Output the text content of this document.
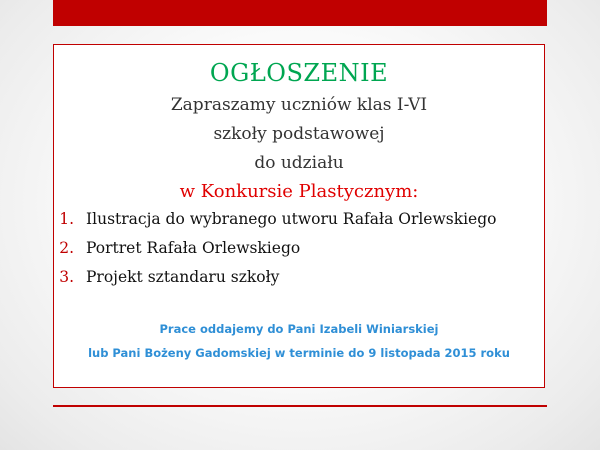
OGŁOSZENIE
Zapraszamy uczniów klas I-VI
szkoły podstawowej
do udziału
w Konkursie Plastycznym:
1. Ilustracja do wybranego utworu Rafała Orlewskiego
2. Portret Rafała Orlewskiego
3. Projekt sztandaru szkoły
Prace oddajemy do Pani Izabeli Winiarskiej
lub Pani Bożeny Gadomskiej w terminie do 9 listopada 2015 roku
